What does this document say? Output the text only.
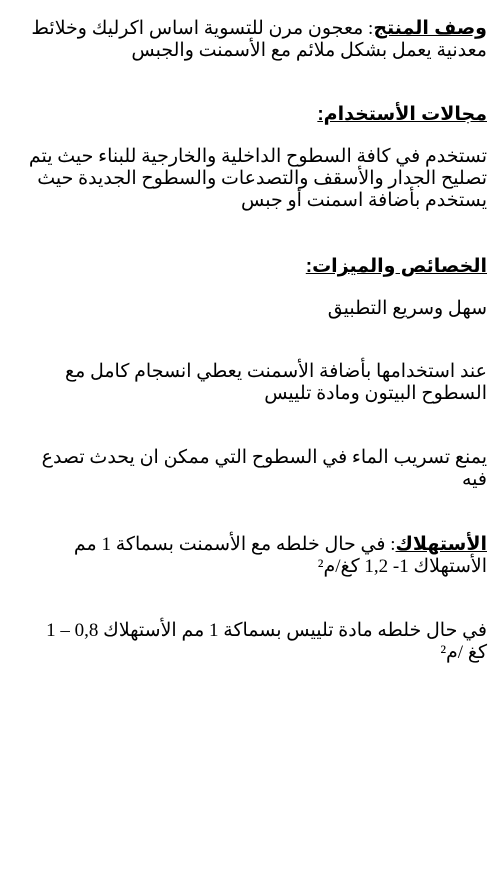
وصف المنتج: معجون مرن للتسوية اساس اكرليك وخلائط
معدنية يعمل بشكل ملائم مع الأسمنت والجبس

مجالات الأستخدام:

تستخدم في كافة السطوح الداخلية والخارجية للبناء حيث يتم
تصليح الجدار والأسقف والتصدعات والسطوح الجديدة حيث
يستخدم بأضافة اسمنت أو جبس

الخصائص والميزات:

سهل وسريع التطبيق

عند استخدامها بأضافة الأسمنت يعطي انسجام كامل مع
السطوح البيتون ومادة تلييس

يمنع تسريب الماء في السطوح التي ممكن ان يحدث تصدع
فيه

الأستهلاك: في حال خلطه مع الأسمنت بسماكة 1 مم
الأستهلاك 1- 1,2 كغ/م²

في حال خلطه مادة تلييس بسماكة 1 مم الأستهلاك 0,8 – 1
كغ /م²
